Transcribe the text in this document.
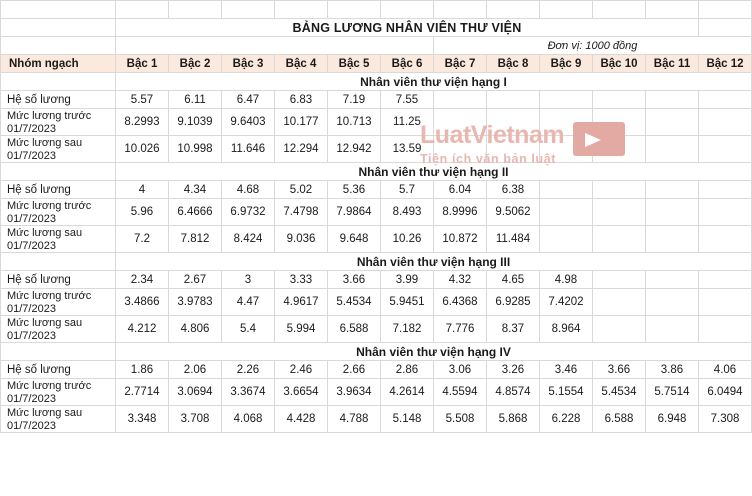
	BẢNG LƯƠNG NHÂN VIÊN THƯ VIỆN											
							Đơn vị: 1000 đồng					
Nhóm ngạch	Bậc 1	Bậc 2	Bậc 3	Bậc 4	Bậc 5	Bậc 6	Bậc 7	Bậc 8	Bậc 9	Bậc 10	Bậc 11	Bậc 12
	Nhân viên thư viện hạng I											
Hệ số lương	5.57	6.11	6.47	6.83	7.19	7.55						

Mức lương trước
01/7/2023	8.2993	9.1039	9.6403	10.177	10.713	11.25						

Mức lương sau
01/7/2023	10.026	10.998	11.646	12.294	12.942	13.59						
	Nhân viên thư viện hạng II											
Hệ số lương	4	4.34	4.68	5.02	5.36	5.7	6.04	6.38				

Mức lương trước
01/7/2023	5.96	6.4666	6.9732	7.4798	7.9864	8.493	8.9996	9.5062				

Mức lương sau
01/7/2023	7.2	7.812	8.424	9.036	9.648	10.26	10.872	11.484				
	Nhân viên thư viện hạng III											
Hệ số lương	2.34	2.67	3	3.33	3.66	3.99	4.32	4.65	4.98			

Mức lương trước
01/7/2023	3.4866	3.9783	4.47	4.9617	5.4534	5.9451	6.4368	6.9285	7.4202			

Mức lương sau
01/7/2023	4.212	4.806	5.4	5.994	6.588	7.182	7.776	8.37	8.964			
	Nhân viên thư viện hạng IV											
Hệ số lương	1.86	2.06	2.26	2.46	2.66	2.86	3.06	3.26	3.46	3.66	3.86	4.06

Mức lương trước
01/7/2023	2.7714	3.0694	3.3674	3.6654	3.9634	4.2614	4.5594	4.8574	5.1554	5.4534	5.7514	6.0494

Mức lương sau
01/7/2023	3.348	3.708	4.068	4.428	4.788	5.148	5.508	5.868	6.228	6.588	6.948	7.308
LuatVietnam
Tiện ích văn bản luật
